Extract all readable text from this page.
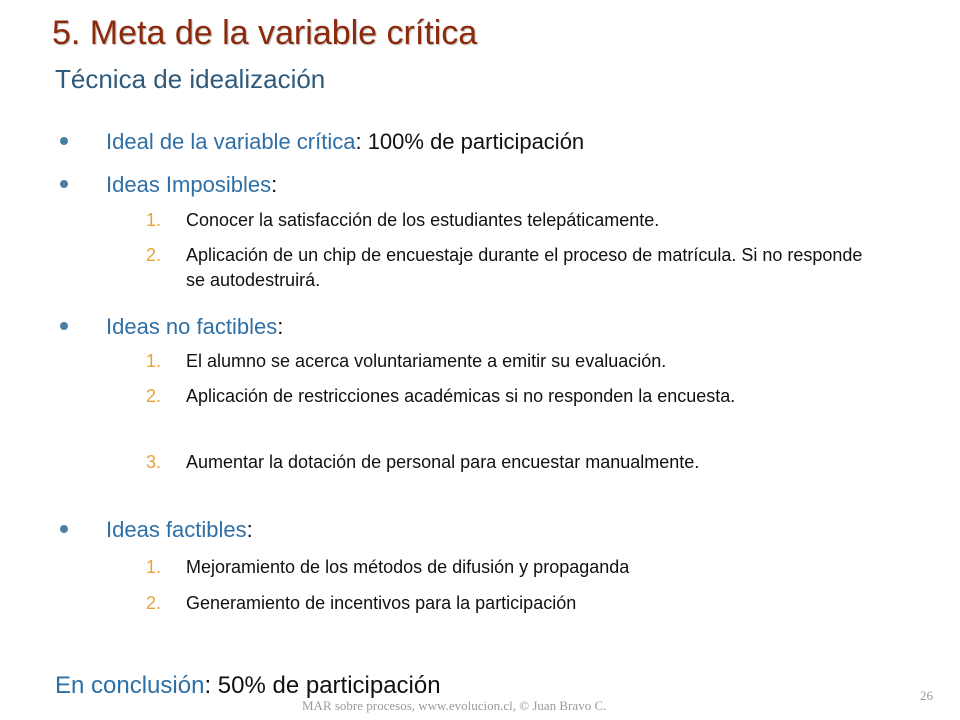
5. Meta de la variable crítica
Técnica de idealización
Ideal de la variable crítica : 100% de participación
Ideas Imposibles :
1.	Conocer la satisfacción de los estudiantes telepáticamente.
2.	Aplicación de un chip de encuestaje durante el proceso de matrícula. Si no responde se autodestruirá.
Ideas no factibles :
1.	El alumno se acerca voluntariamente a emitir su evaluación.
2.	Aplicación de restricciones académicas si no responden la encuesta.
3.	Aumentar la dotación de personal para encuestar manualmente.
Ideas factibles :
1.	Mejoramiento de los métodos de difusión y propaganda
2.	Generamiento de incentivos para la participación
En conclusión: 50% de participación
MAR sobre procesos, www.evolucion.cl, © Juan Bravo C.
26
